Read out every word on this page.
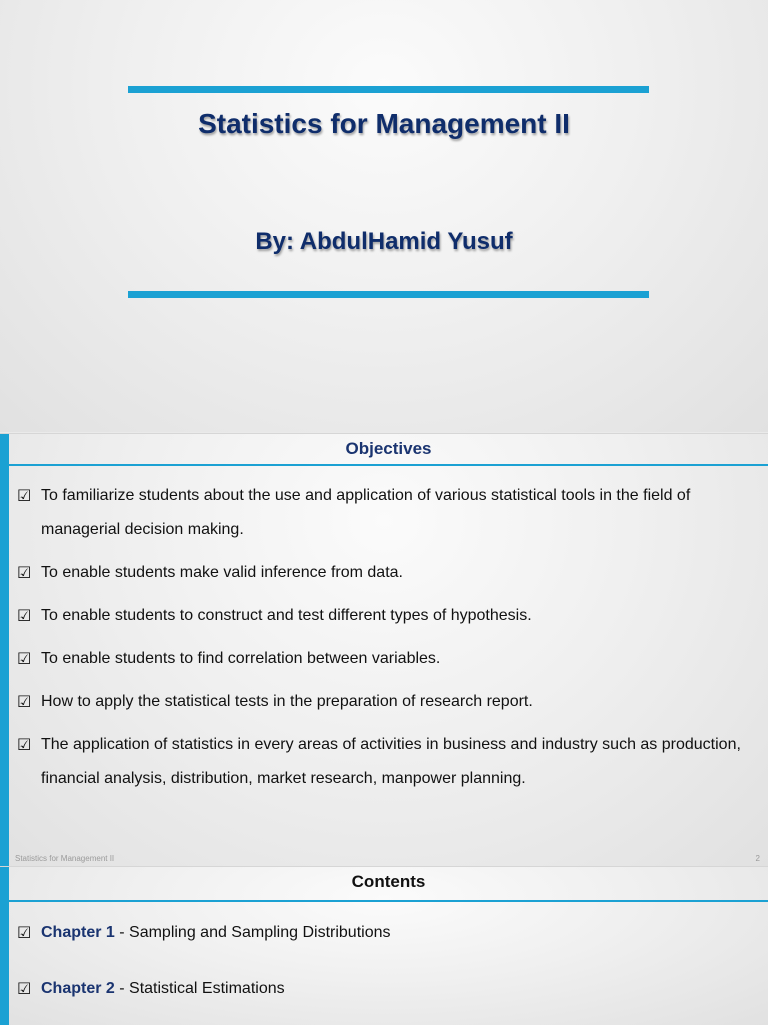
Statistics for Management II
By: AbdulHamid Yusuf
Objectives
☑ To familiarize students about the use and application of various statistical tools in the field of managerial decision making.
☑ To enable students make valid inference from data.
☑ To enable students to construct and test different types of hypothesis.
☑ To enable students to find correlation between variables.
☑ How to apply the statistical tests in the preparation of research report.
☑ The application of statistics in every areas of activities in business and industry such as production, financial analysis, distribution, market research, manpower planning.
Statistics for Management II	2
Contents
☑ Chapter 1 - Sampling and Sampling Distributions
☑ Chapter 2 - Statistical Estimations
